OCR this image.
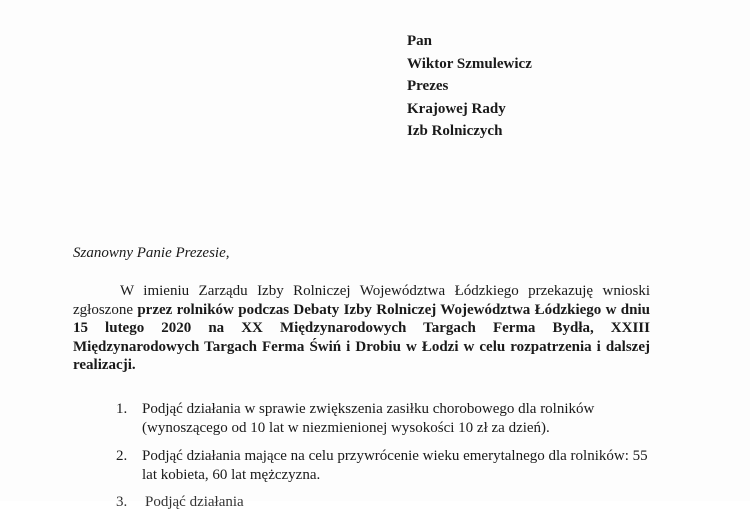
Pan
Wiktor Szmulewicz
Prezes
Krajowej Rady
Izb Rolniczych
Szanowny Panie Prezesie,
W imieniu Zarządu Izby Rolniczej Województwa Łódzkiego przekazuję wnioski zgłoszone przez rolników podczas Debaty Izby Rolniczej Województwa Łódzkiego w dniu 15 lutego 2020 na XX Międzynarodowych Targach Ferma Bydła, XXIII Międzynarodowych Targach Ferma Świń i Drobiu w Łodzi w celu rozpatrzenia i dalszej realizacji.
1. Podjąć działania w sprawie zwiększenia zasiłku chorobowego dla rolników (wynoszącego od 10 lat w niezmienionej wysokości 10 zł za dzień).
2. Podjąć działania mające na celu przywrócenie wieku emerytalnego dla rolników: 55 lat kobieta, 60 lat mężczyzna.
3. Podjąć działania
